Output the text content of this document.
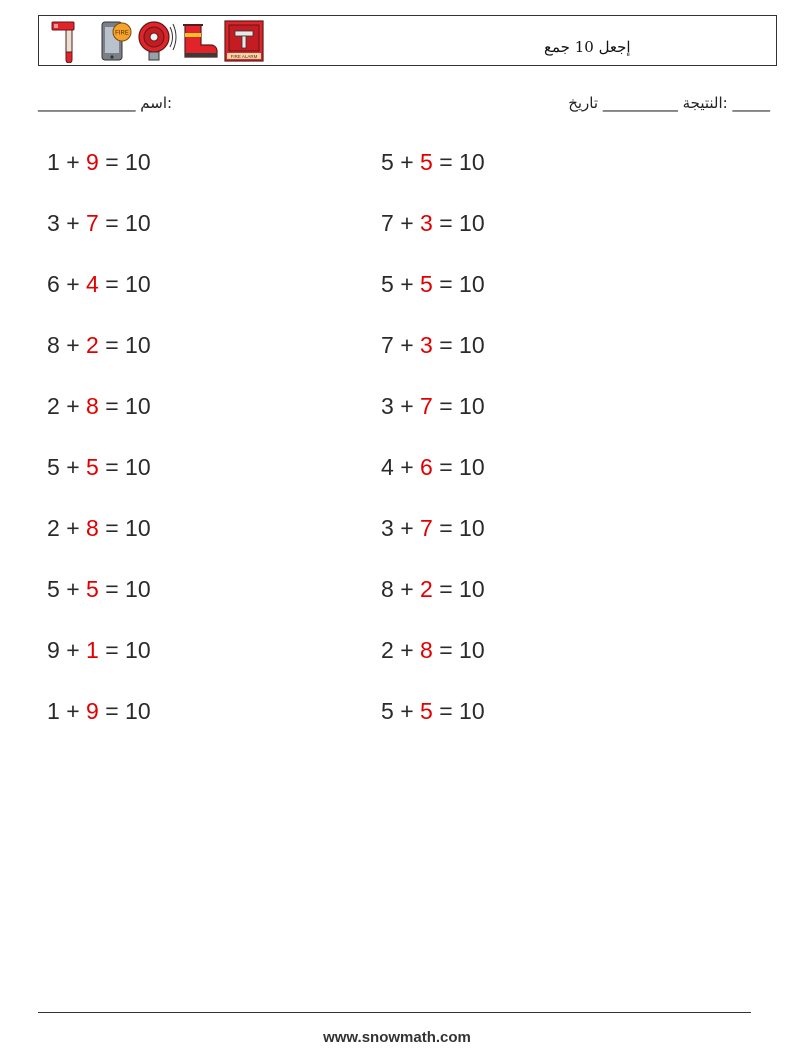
FIRE
FIRE ALARM
إجعل 10 جمع
_____________ اسم:	النتيجة __________ تاريخ: _____
1 + 9 = 10
3 + 7 = 10
6 + 4 = 10
8 + 2 = 10
2 + 8 = 10
5 + 5 = 10
2 + 8 = 10
5 + 5 = 10
9 + 1 = 10
1 + 9 = 10
5 + 5 = 10
7 + 3 = 10
5 + 5 = 10
7 + 3 = 10
3 + 7 = 10
4 + 6 = 10
3 + 7 = 10
8 + 2 = 10
2 + 8 = 10
5 + 5 = 10
www.snowmath.com
